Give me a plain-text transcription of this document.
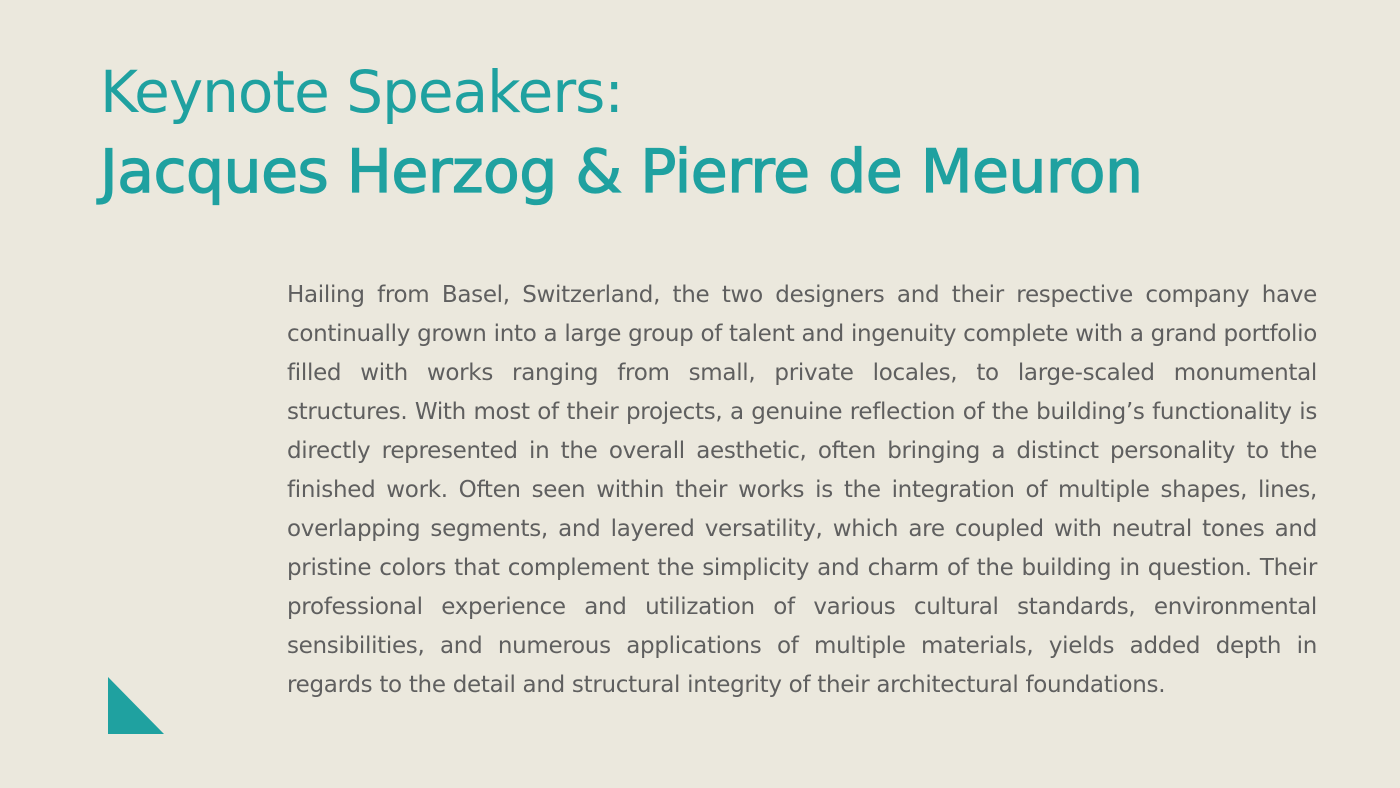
Keynote Speakers:
Jacques Herzog & Pierre de Meuron

Hailing from Basel, Switzerland, the two designers and their respective company have continually grown into a large group of talent and ingenuity complete with a grand portfolio filled with works ranging from small, private locales, to large-scaled monumental structures. With most of their projects, a genuine reflection of the building’s functionality is directly represented in the overall aesthetic, often bringing a distinct personality to the finished work. Often seen within their works is the integration of multiple shapes, lines, overlapping segments, and layered versatility, which are coupled with neutral tones and pristine colors that complement the simplicity and charm of the building in question. Their professional experience and utilization of various cultural standards, environmental sensibilities, and numerous applications of multiple materials, yields added depth in regards to the detail and structural integrity of their architectural foundations.
